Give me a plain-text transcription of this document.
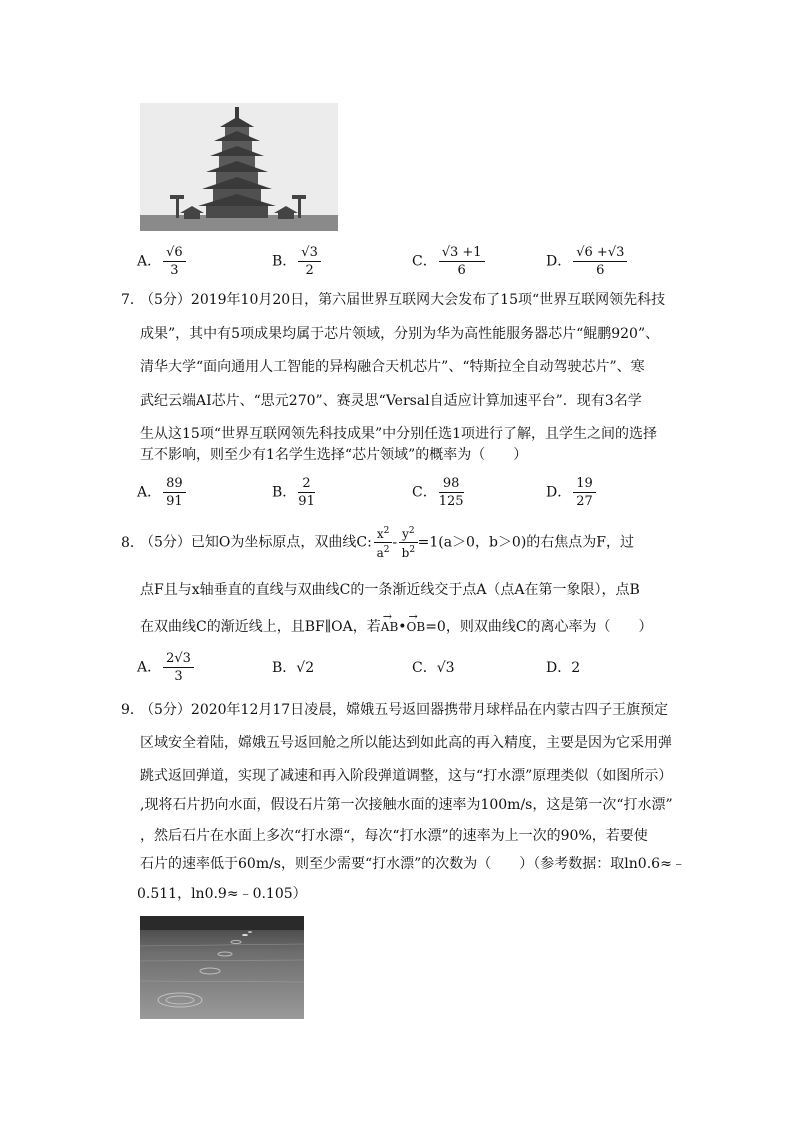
A． $\frac{√6}{3}$	B． $\frac{√3}{2}$	C． $\frac{√3 +1}{6}$	D． $\frac{√6 +√3}{6}$
7．
（5分）2019年10月20日，第六届世界互联网大会发布了15项“世界互联网领先科技
成果”，其中有5项成果均属于芯片领域，分别为华为高性能服务器芯片“鲲鹏920”、
清华大学“面向通用人工智能的异构融合天机芯片”、“特斯拉全自动驾驶芯片”、寒
武纪云端AI芯片、“思元270”、赛灵思“Versal自适应计算加速平台”．现有3名学
生从这15项“世界互联网领先科技成果”中分别任选1项进行了解，且学生之间的选择
互不影响，则至少有1名学生选择“芯片领域”的概率为（　　）
A． $\frac{89}{91}$	B． $\frac{2}{91}$	C． $\frac{98}{125}$	D． $\frac{19}{27}$
8．
（5分）已知O为坐标原点，双曲线C: $\frac{x^2}{a^2} - \frac{y^2}{b^2} =1(a>0$，b＞0)的右焦点为F，过
点F且与x轴垂直的直线与双曲线C的一条渐近线交于点A（点A在第一象限），点B
在双曲线C的渐近线上，且BF∥OA，若→ AB•→ OB=0，则双曲线C的离心率为（　　）
A． $\frac{2√3}{3}$	B．√2	C．√3	D．2
9．
（5分）2020年12月17日凌晨，嫦娥五号返回器携带月球样品在内蒙古四子王旗预定
区域安全着陆，嫦娥五号返回舱之所以能达到如此高的再入精度，主要是因为它采用弹
跳式返回弹道，实现了减速和再入阶段弹道调整，这与“打水漂”原理类似（如图所示）
,现将石片扔向水面，假设石片第一次接触水面的速率为100m/s，这是第一次“打水漂”
，然后石片在水面上多次“打水漂“，每次“打水漂”的速率为上一次的90%，若要使
石片的速率低于60m/s，则至少需要“打水漂”的次数为（　　）（参考数据：取ln0.6≈﹣
0.511，ln0.9≈﹣0.105）
